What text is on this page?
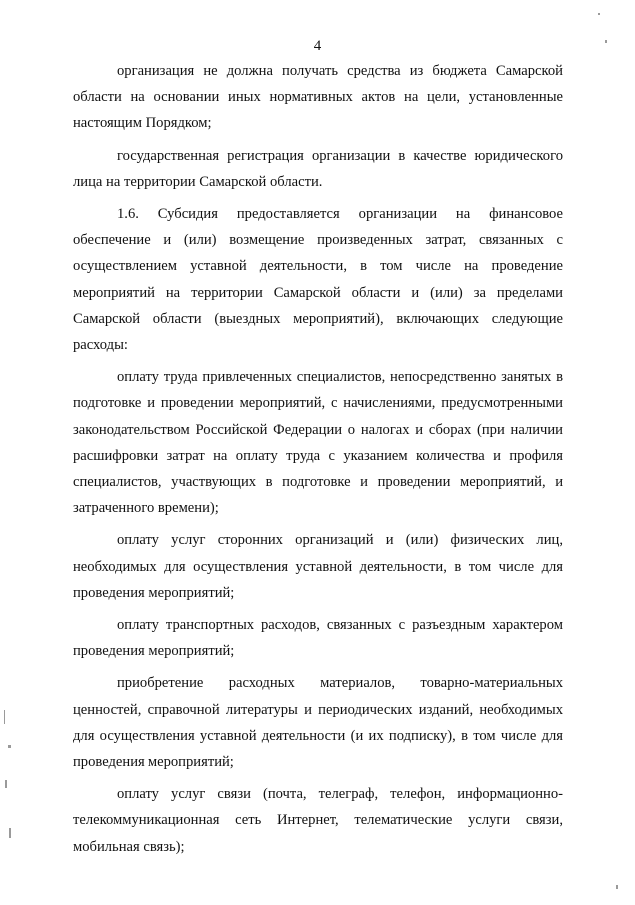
4

организация не должна получать средства из бюджета Самарской области на основании иных нормативных актов на цели, установленные настоящим Порядком;

государственная регистрация организации в качестве юридического лица на территории Самарской области.

1.6. Субсидия предоставляется организации на финансовое обеспечение и (или) возмещение произведенных затрат, связанных с осуществлением уставной деятельности, в том числе на проведение мероприятий на территории Самарской области и (или) за пределами Самарской области (выездных мероприятий), включающих следующие расходы:

оплату труда привлеченных специалистов, непосредственно занятых в подготовке и проведении мероприятий, с начислениями, предусмотренными законодательством Российской Федерации о налогах и сборах (при наличии расшифровки затрат на оплату труда с указанием количества и профиля специалистов, участвующих в подготовке и проведении мероприятий, и затраченного времени);

оплату услуг сторонних организаций и (или) физических лиц, необходимых для осуществления уставной деятельности, в том числе для проведения мероприятий;

оплату транспортных расходов, связанных с разъездным характером проведения мероприятий;

приобретение расходных материалов, товарно-материальных ценностей, справочной литературы и периодических изданий, необходимых для осуществления уставной деятельности (и их подписку), в том числе для проведения мероприятий;

оплату услуг связи (почта, телеграф, телефон, информационно-телекоммуникационная сеть Интернет, телематические услуги связи, мобильная связь);
